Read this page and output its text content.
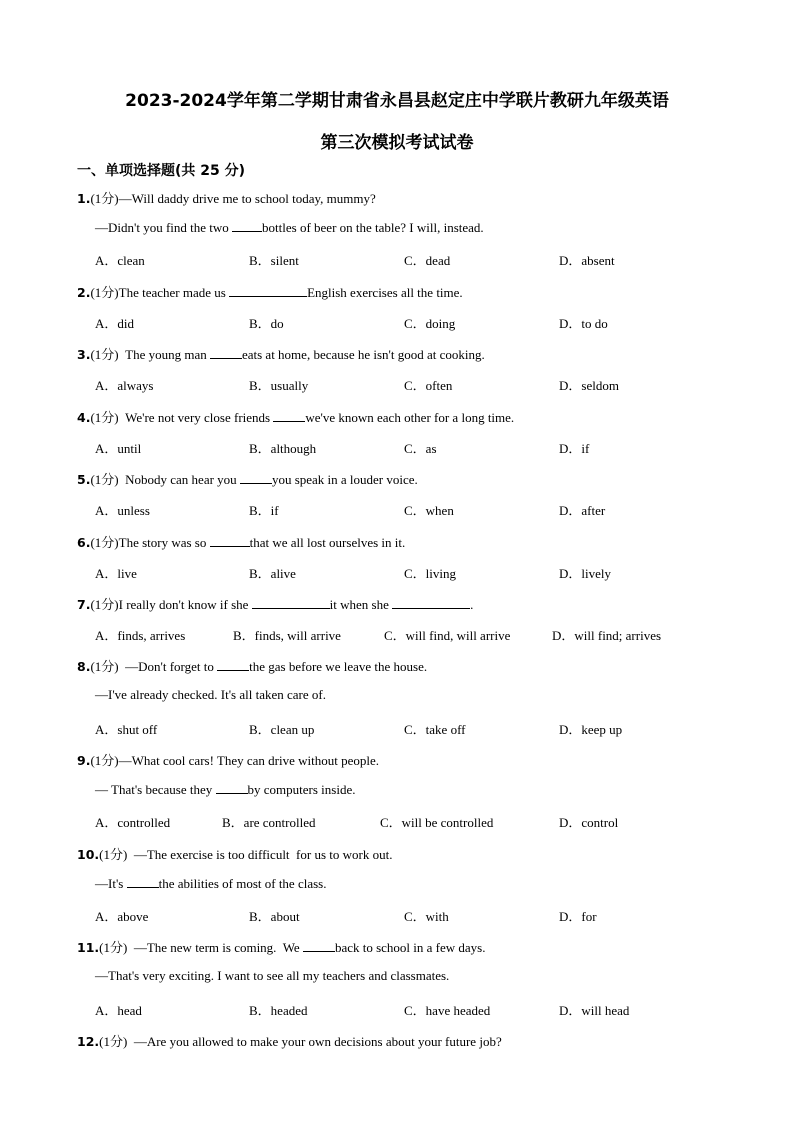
2023-2024学年第二学期甘肃省永昌县赵定庄中学联片教研九年级英语
第三次模拟考试试卷
一、单项选择题(共 25 分)
1.(1分)—Will daddy drive me to school today, mummy?
—Didn't you find the two bottles of beer on the table? I will, instead.
A．clean	B．silent	C．dead	D．absent
2.(1分)The teacher made us	English exercises all the time.
A．did	B．do	C．doing	D．to do
3.(1分)  The young man eats at home, because he isn't good at cooking.
A．always	B．usually	C．often	D．seldom
4.(1分)  We're not very close friends we've known each other for a long time.
A．until	B．although	C．as	D．if
5.(1分)  Nobody can hear you you speak in a louder voice.
A．unless	B．if	C．when	D．after
6.(1分)The story was so	that we all lost ourselves in it.
A．live	B．alive	C．living	D．lively
7.(1分)I really don't know if she	it when she	.
A．finds, arrives	B．finds, will arrive	C．will find, will arrive	D．will find; arrives
8.(1分)  —Don't forget to the gas before we leave the house.
—I've already checked. It's all taken care of.
A．shut off	B．clean up	C．take off	D．keep up
9.(1分)—What cool cars! They can drive without people.
— That's because they by computers inside.
A．controlled	B．are controlled	C．will be controlled	D．control
10.(1分)  —The exercise is too difficult  for us to work out.
—It's the abilities of most of the class.
A．above	B．about	C．with	D．for
11.(1分)  —The new term is coming.  We back to school in a few days.
—That's very exciting. I want to see all my teachers and classmates.
A．head	B．headed	C．have headed	D．will head
12.(1分)  —Are you allowed to make your own decisions about your future job?
